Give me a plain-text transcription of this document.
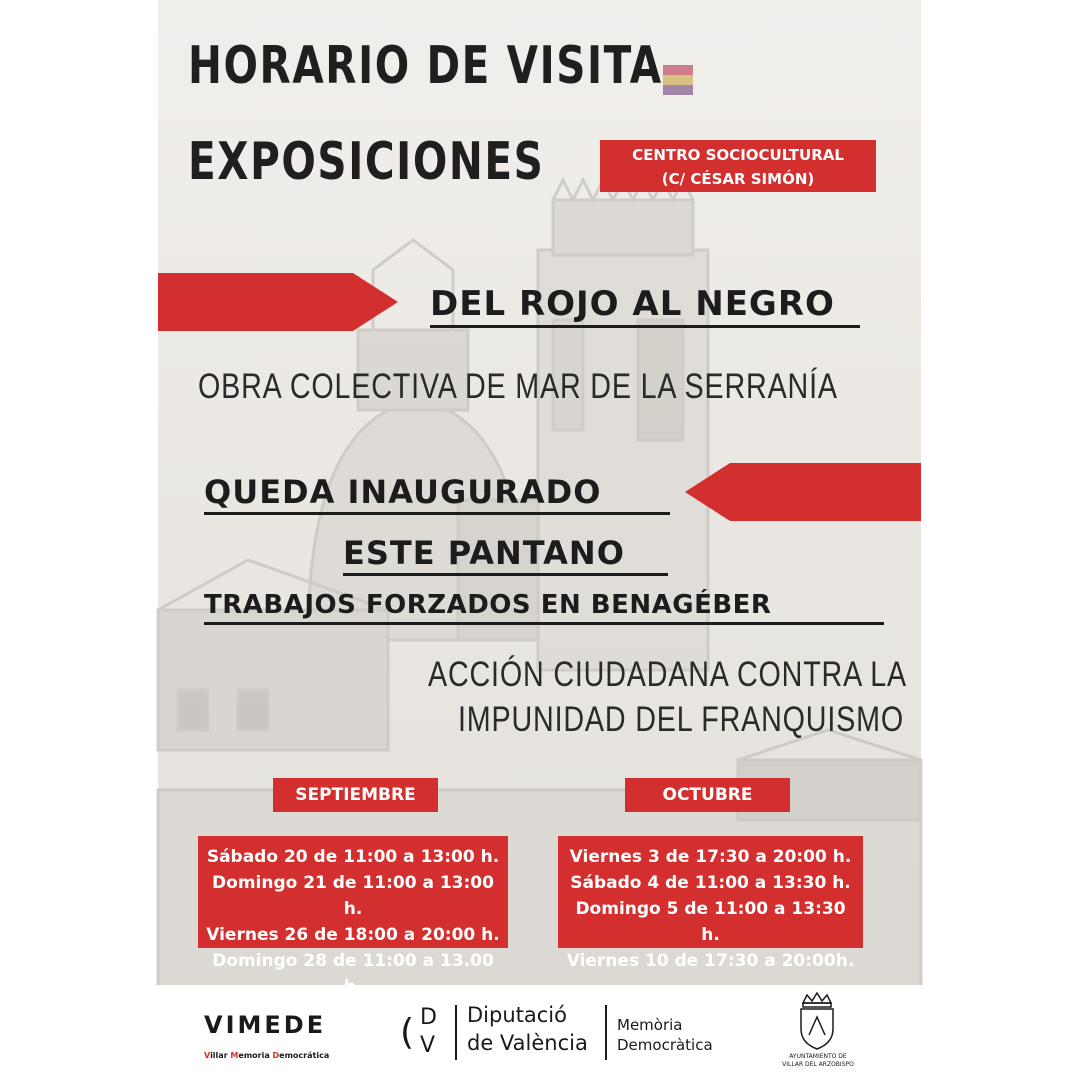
HORARIO DE VISITA
EXPOSICIONES	CENTRO SOCIOCULTURAL
(C/ CÉSAR SIMÓN)
DEL ROJO AL NEGRO
OBRA COLECTIVA DE MAR DE LA SERRANÍA
QUEDA INAUGURADO
ESTE PANTANO
TRABAJOS FORZADOS EN BENAGÉBER
ACCIÓN CIUDADANA CONTRA LA
IMPUNIDAD DEL FRANQUISMO
SEPTIEMBRE	OCTUBRE
Sábado 20 de 11:00 a 13:00 h.
Domingo 21 de 11:00 a 13:00 h.
Viernes 26 de 18:00 a 20:00 h.
Domingo 28 de 11:00 a 13.00
Viernes 3 de 17:30 a 20:00 h.
Sábado 4 de 11:00 a 13:30 h.
Domingo 5 de 11:00 a 13:30 h.
Viernes 10 de 17:30 a 20:00h.
VIMEDE
Villar Memoria Democrática
( D
V
Diputació
de València
Memòria
Democràtica
AYUNTAMIENTO DE
VILLAR DEL ARZOBISPO
